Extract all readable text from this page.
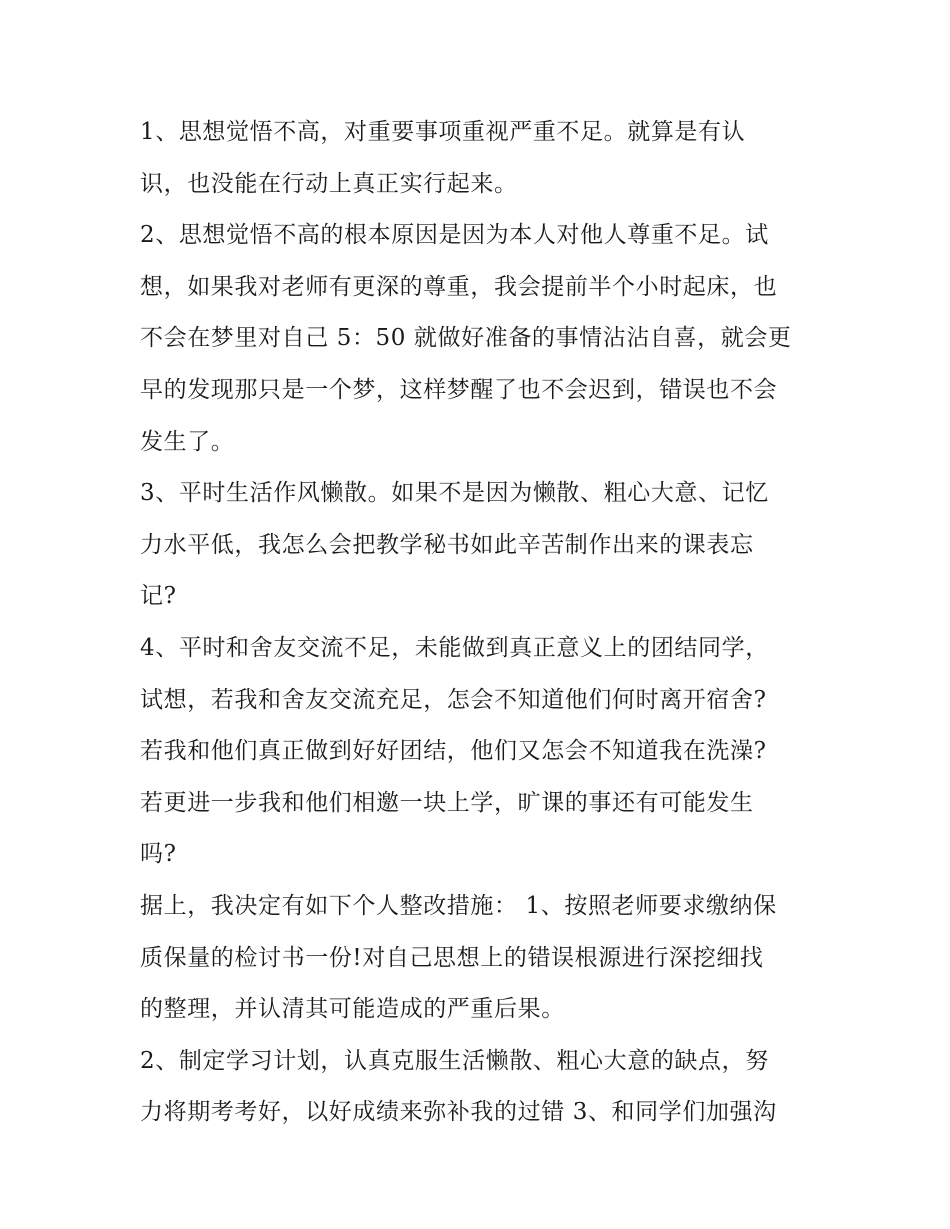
1、思想觉悟不高，对重要事项重视严重不足。就算是有认
识，也没能在行动上真正实行起来。

2、思想觉悟不高的根本原因是因为本人对他人尊重不足。试
想，如果我对老师有更深的尊重，我会提前半个小时起床，也
不会在梦里对自己 5：50 就做好准备的事情沾沾自喜，就会更
早的发现那只是一个梦，这样梦醒了也不会迟到，错误也不会
发生了。

3、平时生活作风懒散。如果不是因为懒散、粗心大意、记忆
力水平低，我怎么会把教学秘书如此辛苦制作出来的课表忘
记?

4、平时和舍友交流不足，未能做到真正意义上的团结同学，
试想，若我和舍友交流充足，怎会不知道他们何时离开宿舍?
若我和他们真正做到好好团结，他们又怎会不知道我在洗澡?
若更进一步我和他们相邀一块上学，旷课的事还有可能发生
吗?

据上，我决定有如下个人整改措施： 1、按照老师要求缴纳保
质保量的检讨书一份!对自己思想上的错误根源进行深挖细找
的整理，并认清其可能造成的严重后果。

2、制定学习计划，认真克服生活懒散、粗心大意的缺点，努
力将期考考好，以好成绩来弥补我的过错 3、和同学们加强沟
